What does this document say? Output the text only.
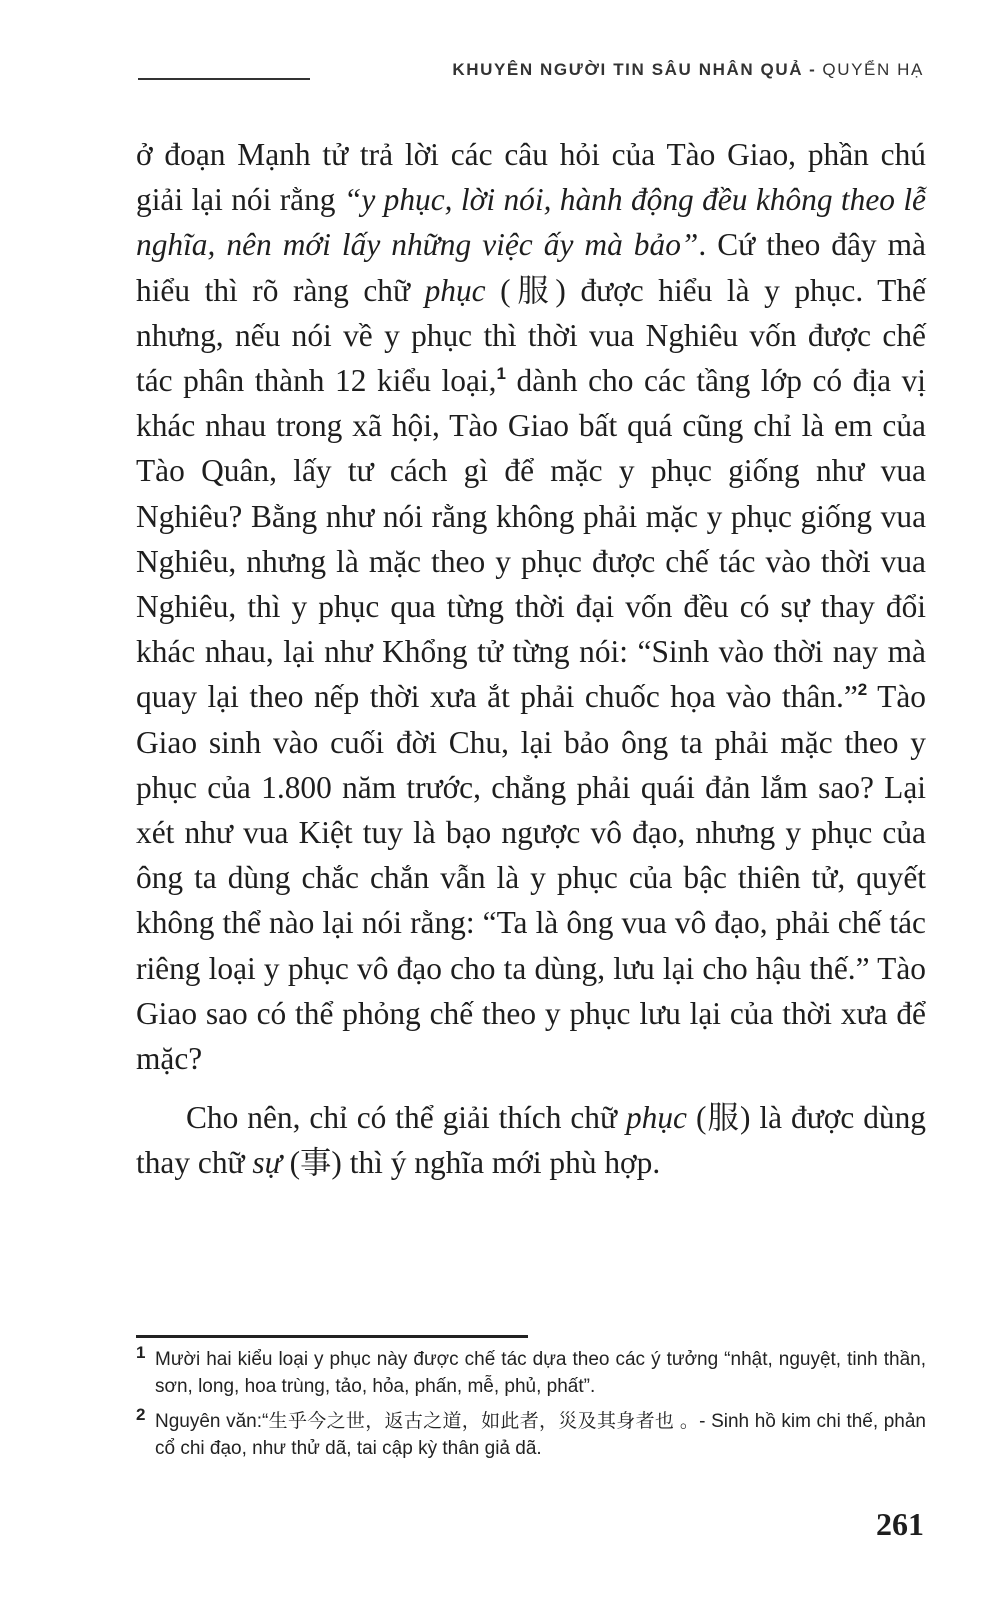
KHUYÊN NGƯỜI TIN SÂU NHÂN QUẢ - QUYỂN HẠ

ở đoạn Mạnh tử trả lời các câu hỏi của Tào Giao, phần chú giải lại nói rằng “y phục, lời nói, hành động đều không theo lễ nghĩa, nên mới lấy những việc ấy mà bảo”. Cứ theo đây mà hiểu thì rõ ràng chữ phục (服) được hiểu là y phục. Thế nhưng, nếu nói về y phục thì thời vua Nghiêu vốn được chế tác phân thành 12 kiểu loại,$^1$ dành cho các tầng lớp có địa vị khác nhau trong xã hội, Tào Giao bất quá cũng chỉ là em của Tào Quân, lấy tư cách gì để mặc y phục giống như vua Nghiêu? Bằng như nói rằng không phải mặc y phục giống vua Nghiêu, nhưng là mặc theo y phục được chế tác vào thời vua Nghiêu, thì y phục qua từng thời đại vốn đều có sự thay đổi khác nhau, lại như Khổng tử từng nói: “Sinh vào thời nay mà quay lại theo nếp thời xưa ắt phải chuốc họa vào thân.”$^2$ Tào Giao sinh vào cuối đời Chu, lại bảo ông ta phải mặc theo y phục của 1.800 năm trước, chẳng phải quái đản lắm sao? Lại xét như vua Kiệt tuy là bạo ngược vô đạo, nhưng y phục của ông ta dùng chắc chắn vẫn là y phục của bậc thiên tử, quyết không thể nào lại nói rằng: “Ta là ông vua vô đạo, phải chế tác riêng loại y phục vô đạo cho ta dùng, lưu lại cho hậu thế.” Tào Giao sao có thể phỏng chế theo y phục lưu lại của thời xưa để mặc?

Cho nên, chỉ có thể giải thích chữ phục (服) là được dùng thay chữ sự (事) thì ý nghĩa mới phù hợp.

1 Mười hai kiểu loại y phục này được chế tác dựa theo các ý tưởng “nhật, nguyệt, tinh thần, sơn, long, hoa trùng, tảo, hỏa, phấn, mễ, phủ, phất”.
2 Nguyên văn:“生乎今之世，返古之道，如此者，災及其身者也 。- Sinh hồ kim chi thế, phản cổ chi đạo, như thử dã, tai cập kỳ thân giả dã.
261
